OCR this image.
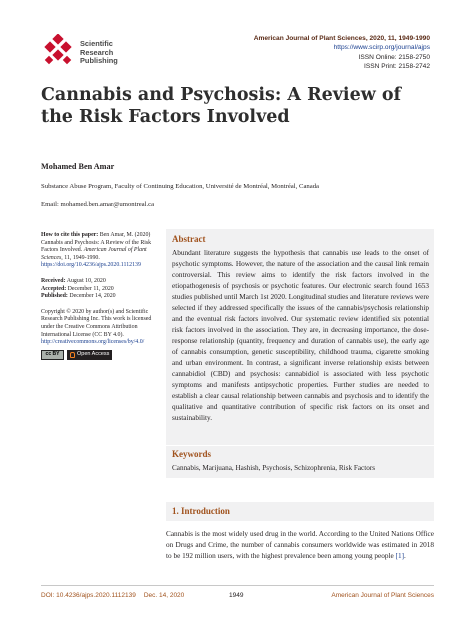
Scientific
Research
Publishing
American Journal of Plant Sciences, 2020, 11, 1949-1990
https://www.scirp.org/journal/ajps
ISSN Online: 2158-2750
ISSN Print: 2158-2742
Cannabis and Psychosis: A Review of the Risk Factors Involved
Mohamed Ben Amar
Substance Abuse Program, Faculty of Continuing Education, Université de Montréal, Montréal, Canada
Email: mohamed.ben.amar@umontreal.ca

How to cite this paper: Ben Amar, M. (2020) Cannabis and Psychosis: A Review of the Risk Factors Involved. American Journal of Plant Sciences, 11, 1949-1990. https://doi.org/10.4236/ajps.2020.1112139

Received: August 10, 2020
Accepted: December 11, 2020
Published: December 14, 2020

Copyright © 2020 by author(s) and Scientific Research Publishing Inc. This work is licensed under the Creative Commons Attribution International License (CC BY 4.0).
http://creativecommons.org/licenses/by/4.0/

cc BY	Open Access
Abstract

Abundant literature suggests the hypothesis that cannabis use leads to the onset of psychotic symptoms. However, the nature of the association and the causal link remain controversial. This review aims to identify the risk factors involved in the etiopathogenesis of psychosis or psychotic features. Our electronic search found 1653 studies published until March 1st 2020. Longitudinal studies and literature reviews were selected if they addressed specifically the issues of the cannabis/psychosis relationship and the eventual risk factors involved. Our systematic review identified six potential risk factors involved in the association. They are, in decreasing importance, the dose-response relationship (quantity, frequency and duration of cannabis use), the early age of cannabis consumption, genetic susceptibility, childhood trauma, cigarette smoking and urban environment. In contrast, a significant inverse relationship exists between cannabidiol (CBD) and psychosis: cannabidiol is associated with less psychotic symptoms and manifests antipsychotic properties. Further studies are needed to establish a clear causal relationship between cannabis and psychosis and to identify the qualitative and quantitative contribution of specific risk factors on its onset and sustainability.

Keywords
Cannabis, Marijuana, Hashish, Psychosis, Schizophrenia, Risk Factors
1. Introduction

Cannabis is the most widely used drug in the world. According to the United Nations Office on Drugs and Crime, the number of cannabis consumers worldwide was estimated in 2018 to be 192 million users, with the highest prevalence been among young people [1].

DOI: 10.4236/ajps.2020.1112139 Dec. 14, 2020	1949	American Journal of Plant Sciences
